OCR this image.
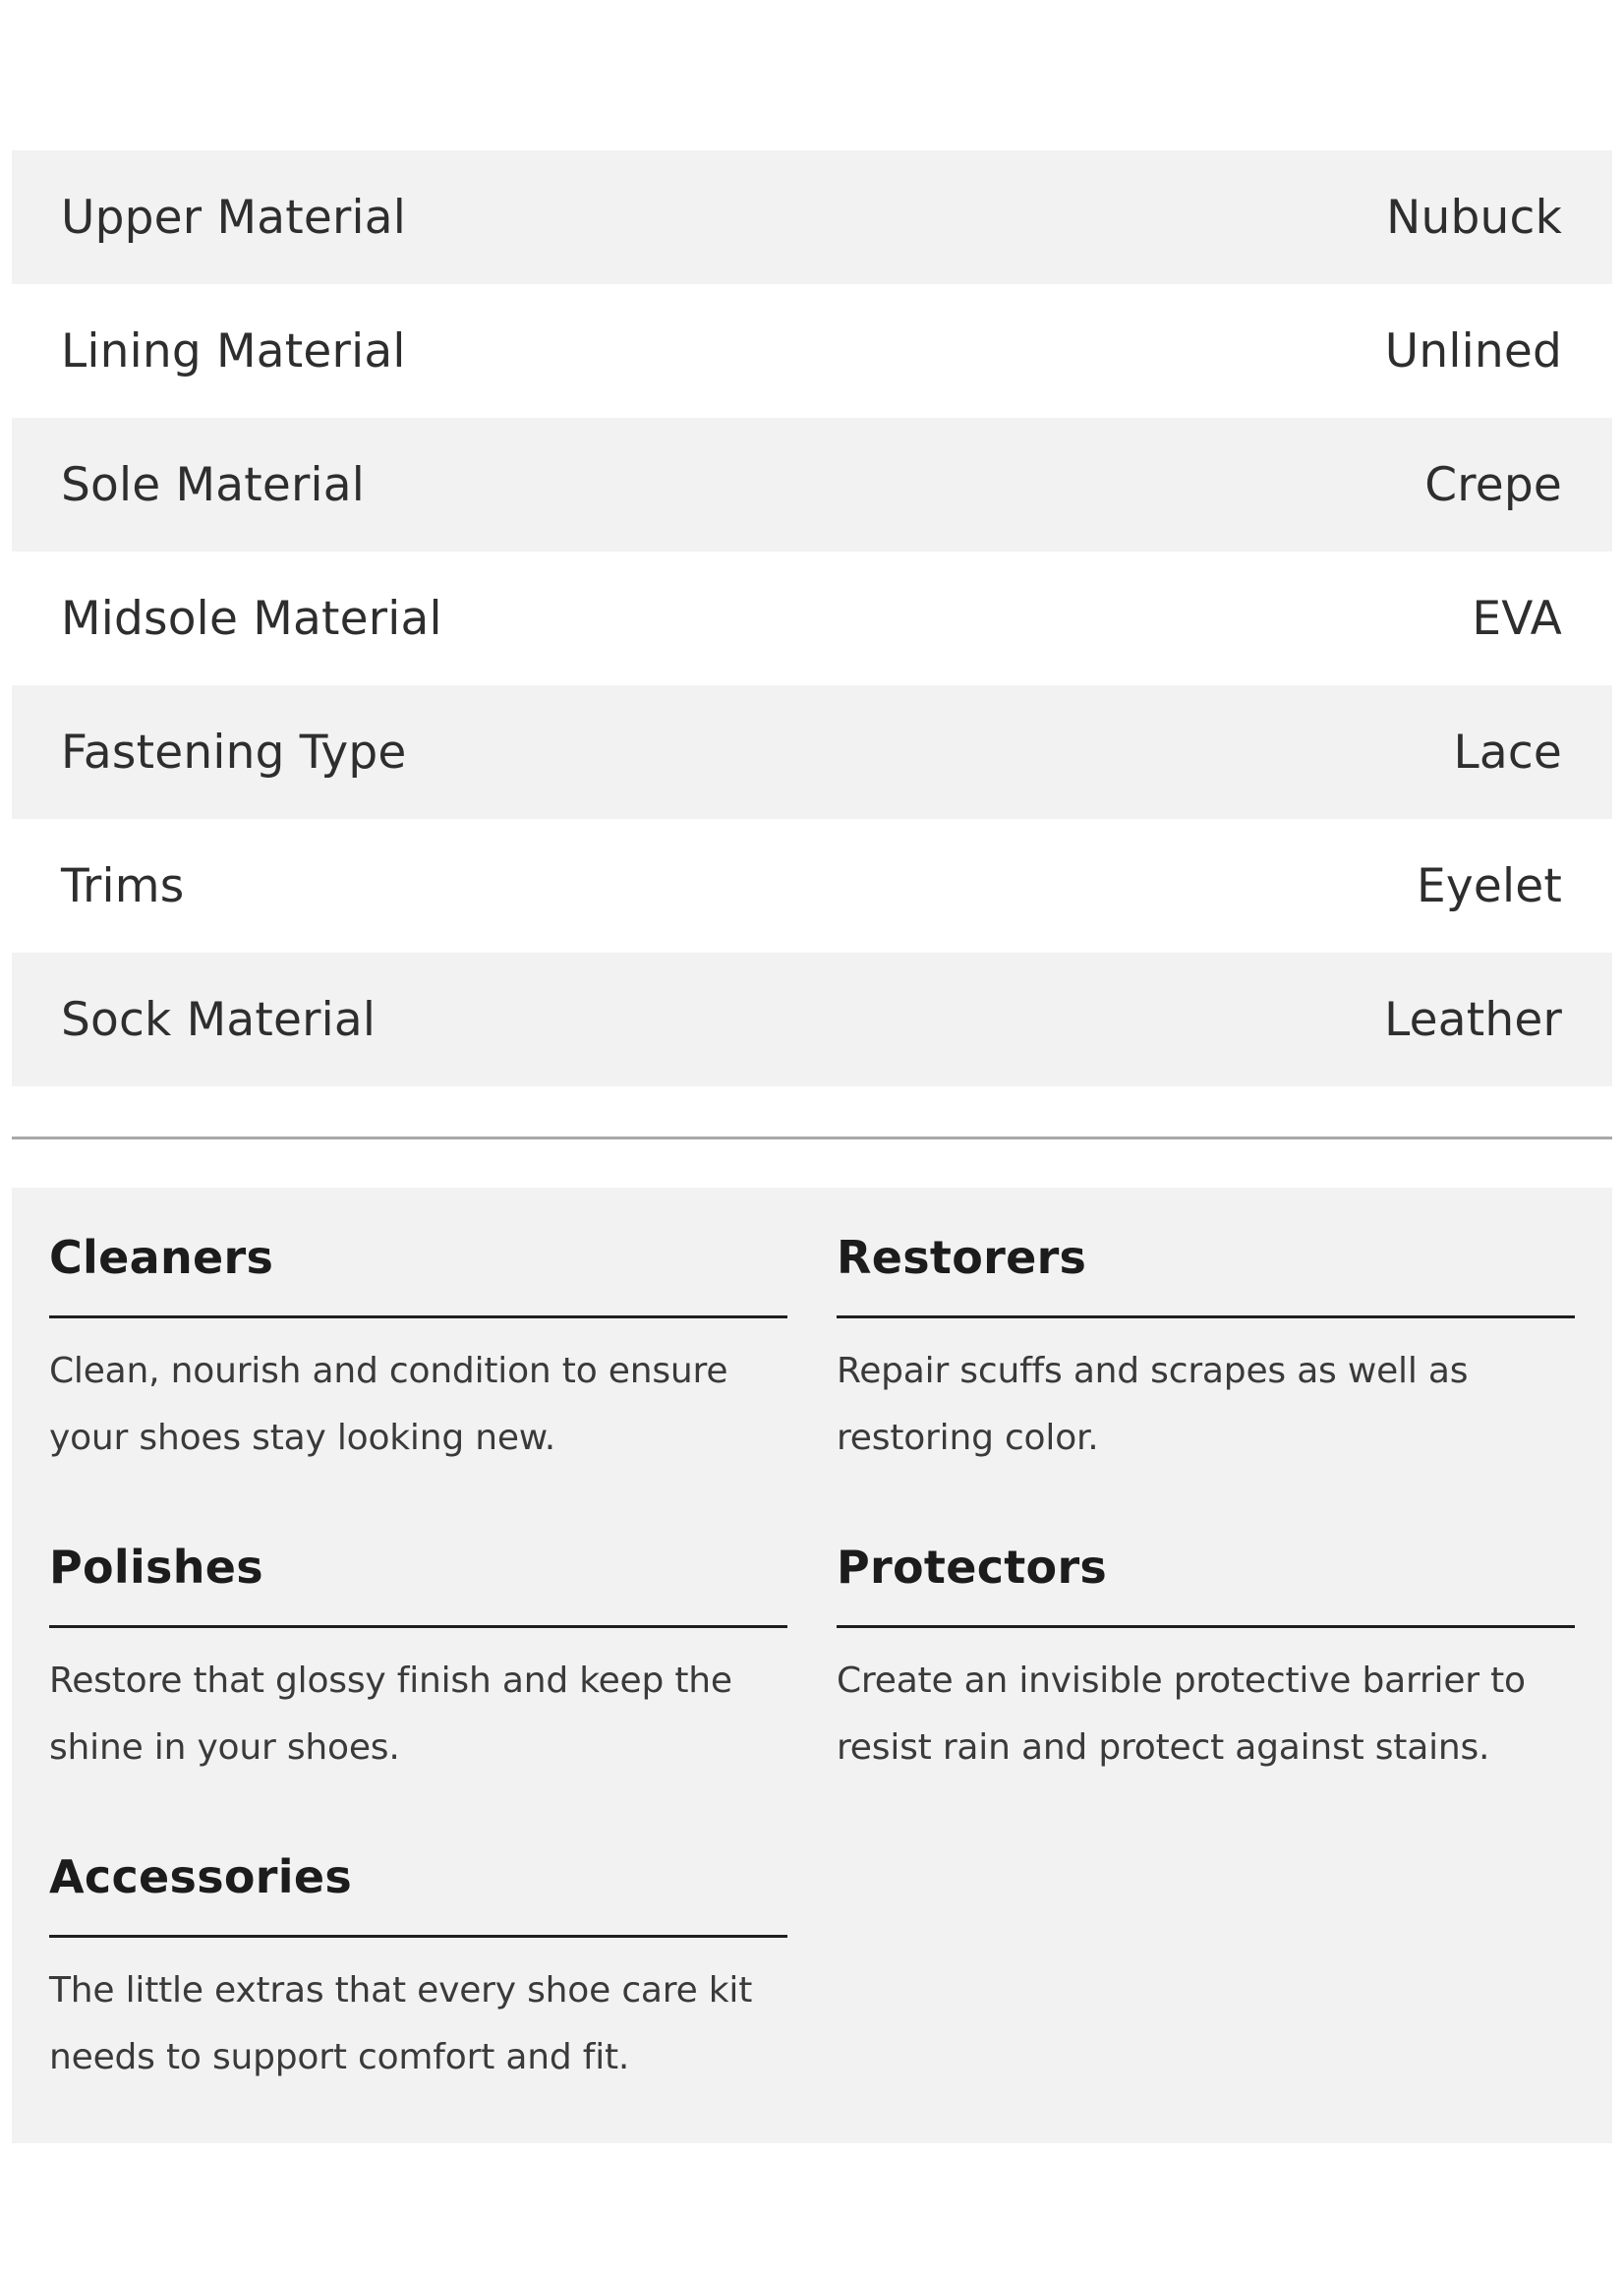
Upper Material	Nubuck
Lining Material	Unlined
Sole Material	Crepe
Midsole Material	EVA
Fastening Type	Lace
Trims	Eyelet
Sock Material	Leather
Cleaners
Clean, nourish and condition to ensure your shoes stay looking new.
Restorers
Repair scuffs and scrapes as well as restoring color.
Polishes
Restore that glossy finish and keep the shine in your shoes.
Protectors
Create an invisible protective barrier to resist rain and protect against stains.
Accessories
The little extras that every shoe care kit needs to support comfort and fit.
